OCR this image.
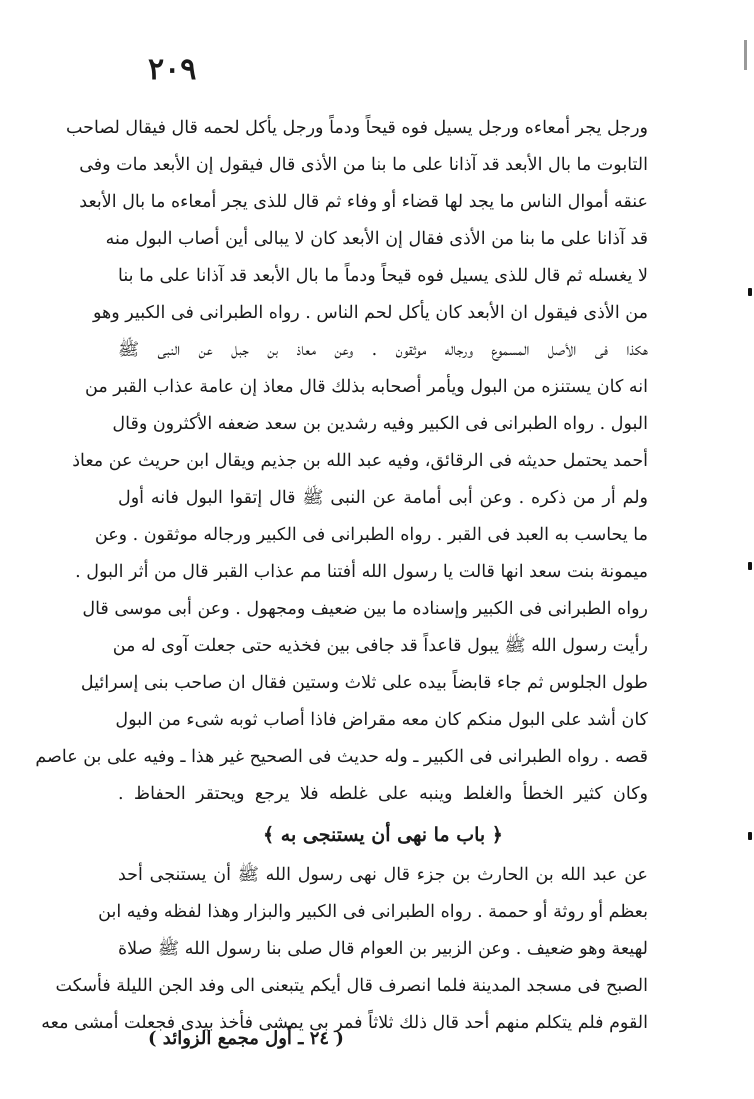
٢٠٩
ورجل يجر أمعاءه ورجل يسيل فوه قيحاً ودماً ورجل يأكل لحمه قال فيقال لصاحب
التابوت ما بال الأبعد قد آذانا على ما بنا من الأذى قال فيقول إن الأبعد مات وفى
عنقه أموال الناس ما يجد لها قضاء أو وفاء ثم قال للذى يجر أمعاءه ما بال الأبعد
قد آذانا على ما بنا من الأذى فقال إن الأبعد كان لا يبالى أين أصاب البول منه
لا يغسله ثم قال للذى يسيل فوه قيحاً ودماً ما بال الأبعد قد آذانا على ما بنا
من الأذى فيقول ان الأبعد كان يأكل لحم الناس . رواه الطبرانى فى الكبير وهو
هكذا فى الأصل المسموع ورجاله موثقون . وعن معاذ بن جبل عن النبى ﷺ
انه كان يستنزه من البول ويأمر أصحابه بذلك قال معاذ إن عامة عذاب القبر من
البول . رواه الطبرانى فى الكبير وفيه رشدين بن سعد ضعفه الأكثرون وقال
أحمد يحتمل حديثه فى الرقائق، وفيه عبد الله بن جذيم ويقال ابن حريث عن معاذ
ولم أر من ذكره . وعن أبى أمامة عن النبى ﷺ قال إتقوا البول فانه أول
ما يحاسب به العبد فى القبر . رواه الطبرانى فى الكبير ورجاله موثقون . وعن
ميمونة بنت سعد انها قالت يا رسول الله أفتنا مم عذاب القبر قال من أثر البول .
رواه الطبرانى فى الكبير وإسناده ما بين ضعيف ومجهول . وعن أبى موسى قال
رأيت رسول الله ﷺ يبول قاعداً قد جافى بين فخذيه حتى جعلت آوى له من
طول الجلوس ثم جاء قابضاً بيده على ثلاث وستين فقال ان صاحب بنى إسرائيل
كان أشد على البول منكم كان معه مقراض فاذا أصاب ثوبه شىء من البول
قصه . رواه الطبرانى فى الكبير ـ وله حديث فى الصحيح غير هذا ـ وفيه على بن عاصم
وكان كثير الخطأ والغلط وينبه على غلطه فلا يرجع ويحتقر الحفاظ .
﴿ باب ما نهى أن يستنجى به ﴾
عن عبد الله بن الحارث بن جزء قال نهى رسول الله ﷺ أن يستنجى أحد
بعظم أو روثة أو حممة . رواه الطبرانى فى الكبير والبزار وهذا لفظه وفيه ابن
لهيعة وهو ضعيف . وعن الزبير بن العوام قال صلى بنا رسول الله ﷺ صلاة
الصبح فى مسجد المدينة فلما انصرف قال أيكم يتبعنى الى وفد الجن الليلة فأسكت
القوم فلم يتكلم منهم أحد قال ذلك ثلاثاً فمر بى يمشى فأخذ بيدى فجعلت أمشى معه
( ٢٤ ـ أول مجمع الزوائد )
